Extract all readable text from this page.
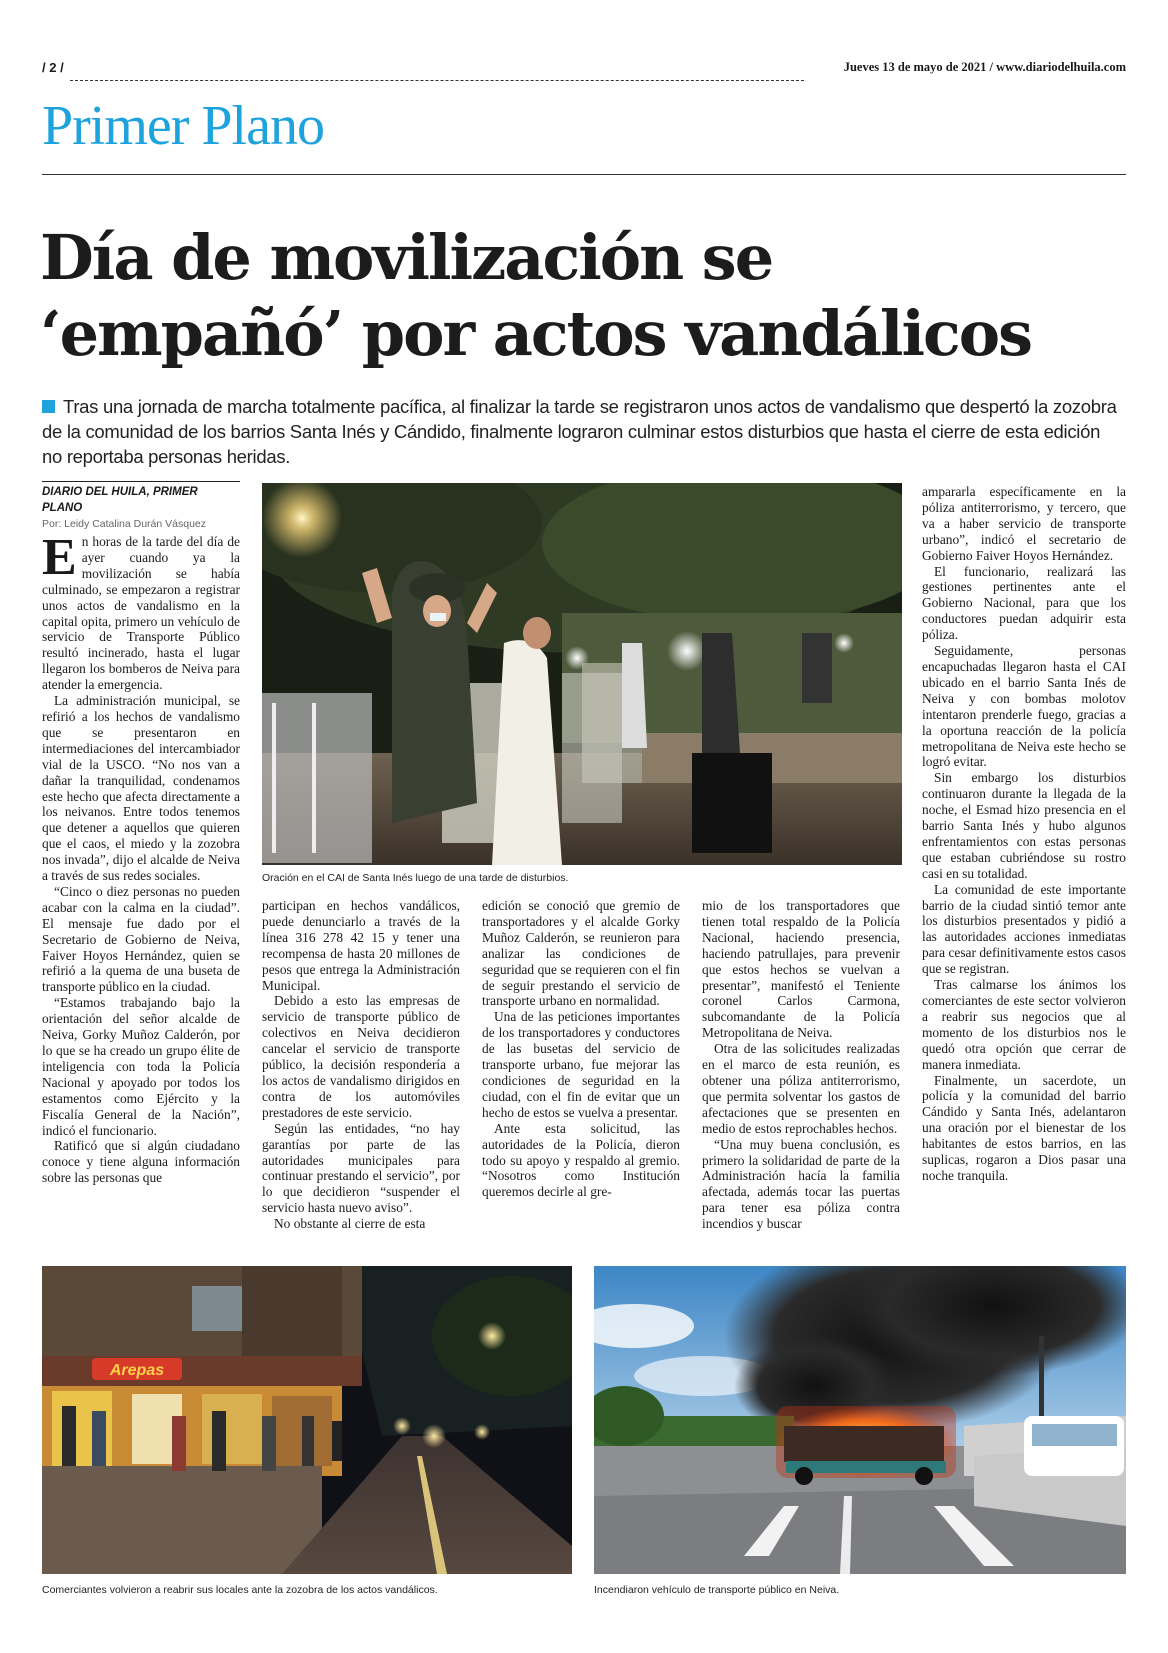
/ 2 /	Jueves 13 de mayo de 2021 / www.diariodelhuila.com
Primer Plano
Día de movilización se
‘empañó’ por actos vandálicos
Tras una jornada de marcha totalmente pacífica, al finalizar la tarde se registraron unos actos de vandalismo que despertó la zozobra de la comunidad de los barrios Santa Inés y Cándido, finalmente lograron culminar estos disturbios que hasta el cierre de esta edición no reportaba personas heridas.
DIARIO DEL HUILA, PRIMER PLANO
Por: Leidy Catalina Durán Vásquez

En horas de la tarde del día de ayer cuando ya la movilización se había culminado, se empezaron a registrar unos actos de vandalismo en la capital opita, primero un vehículo de servicio de Transporte Público resultó incinerado, hasta el lugar llegaron los bomberos de Neiva para atender la emergencia.

La administración municipal, se refirió a los hechos de vandalismo que se presentaron en intermediaciones del intercambiador vial de la USCO. “No nos van a dañar la tranquilidad, condenamos este hecho que afecta directamente a los neivanos. Entre todos tenemos que detener a aquellos que quieren que el caos, el miedo y la zozobra nos invada”, dijo el alcalde de Neiva a través de sus redes sociales.

“Cinco o diez personas no pueden acabar con la calma en la ciudad”. El mensaje fue dado por el Secretario de Gobierno de Neiva, Faiver Hoyos Hernández, quien se refirió a la quema de una buseta de transporte público en la ciudad.

“Estamos trabajando bajo la orientación del señor alcalde de Neiva, Gorky Muñoz Calderón, por lo que se ha creado un grupo élite de inteligencia con toda la Policía Nacional y apoyado por todos los estamentos como Ejército y la Fiscalía General de la Nación”, indicó el funcionario.

Ratificó que si algún ciudadano conoce y tiene alguna información sobre las personas que

Oración en el CAI de Santa Inés luego de una tarde de disturbios.

participan en hechos vandálicos, puede denunciarlo a través de la línea 316 278 42 15 y tener una recompensa de hasta 20 millones de pesos que entrega la Administración Municipal.

Debido a esto las empresas de servicio de transporte público de colectivos en Neiva decidieron cancelar el servicio de transporte público, la decisión respondería a los actos de vandalismo dirigidos en contra de los automóviles prestadores de este servicio.

Según las entidades, “no hay garantías por parte de las autoridades municipales para continuar prestando el servicio”, por lo que decidieron “suspender el servicio hasta nuevo aviso”.

No obstante al cierre de esta

edición se conoció que gremio de transportadores y el alcalde Gorky Muñoz Calderón, se reunieron para analizar las condiciones de seguridad que se requieren con el fin de seguir prestando el servicio de transporte urbano en normalidad.

Una de las peticiones importantes de los transportadores y conductores de las busetas del servicio de transporte urbano, fue mejorar las condiciones de seguridad en la ciudad, con el fin de evitar que un hecho de estos se vuelva a presentar.

Ante esta solicitud, las autoridades de la Policía, dieron todo su apoyo y respaldo al gremio. “Nosotros como Institución queremos decirle al gre-

mio de los transportadores que tienen total respaldo de la Policía Nacional, haciendo presencia, haciendo patrullajes, para prevenir que estos hechos se vuelvan a presentar”, manifestó el Teniente coronel Carlos Carmona, subcomandante de la Policía Metropolitana de Neiva.

Otra de las solicitudes realizadas en el marco de esta reunión, es obtener una póliza antiterrorismo, que permita solventar los gastos de afectaciones que se presenten en medio de estos reprochables hechos.

“Una muy buena conclusión, es primero la solidaridad de parte de la Administración hacía la familia afectada, además tocar las puertas para tener esa póliza contra incendios y buscar

ampararla específicamente en la póliza antiterrorismo, y tercero, que va a haber servicio de transporte urbano”, indicó el secretario de Gobierno Faiver Hoyos Hernández.

El funcionario, realizará las gestiones pertinentes ante el Gobierno Nacional, para que los conductores puedan adquirir esta póliza.

Seguidamente, personas encapuchadas llegaron hasta el CAI ubicado en el barrio Santa Inés de Neiva y con bombas molotov intentaron prenderle fuego, gracias a la oportuna reacción de la policía metropolitana de Neiva este hecho se logró evitar.

Sin embargo los disturbios continuaron durante la llegada de la noche, el Esmad hizo presencia en el barrio Santa Inés y hubo algunos enfrentamientos con estas personas que estaban cubriéndose su rostro casi en su totalidad.

La comunidad de este importante barrio de la ciudad sintió temor ante los disturbios presentados y pidió a las autoridades acciones inmediatas para cesar definitivamente estos casos que se registran.

Tras calmarse los ánimos los comerciantes de este sector volvieron a reabrir sus negocios que al momento de los disturbios nos le quedó otra opción que cerrar de manera inmediata.

Finalmente, un sacerdote, un policía y la comunidad del barrio Cándido y Santa Inés, adelantaron una oración por el bienestar de los habitantes de estos barrios, en las suplicas, rogaron a Dios pasar una noche tranquila.

Arepas
Comerciantes volvieron a reabrir sus locales ante la zozobra de los actos vandálicos.	Incendiaron vehículo de transporte público en Neiva.
